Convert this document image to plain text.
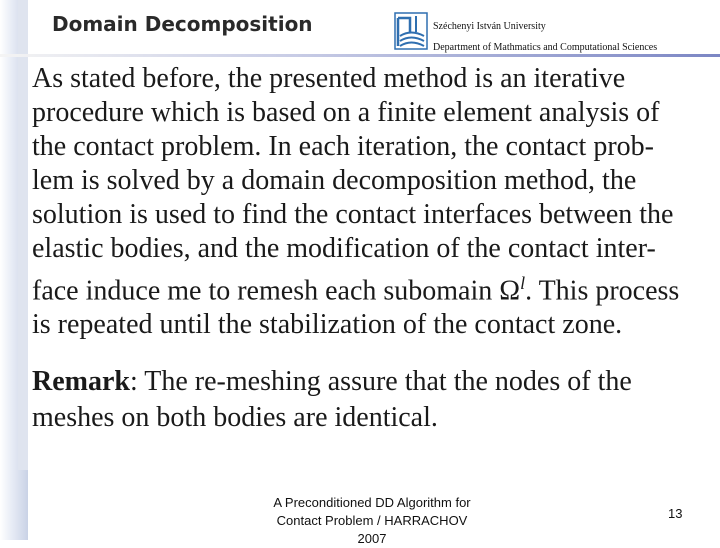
Domain Decomposition	Széchenyi István University
Department of Mathmatics and Computational Sciences
As stated before, the presented method is an iterative
procedure which is based on a finite element analysis of
the contact problem. In each iteration, the contact prob-
lem is solved by a domain decomposition method, the
solution is used to find the contact interfaces between the
elastic bodies, and the modification of the contact inter-
face induce me to remesh each subomain $\Omega^l$. This process
is repeated until the stabilization of the contact zone.
Remark: The re-meshing assure that the nodes of the
meshes on both bodies are identical.
A Preconditioned DD Algorithm for
Contact Problem / HARRACHOV
2007
13
